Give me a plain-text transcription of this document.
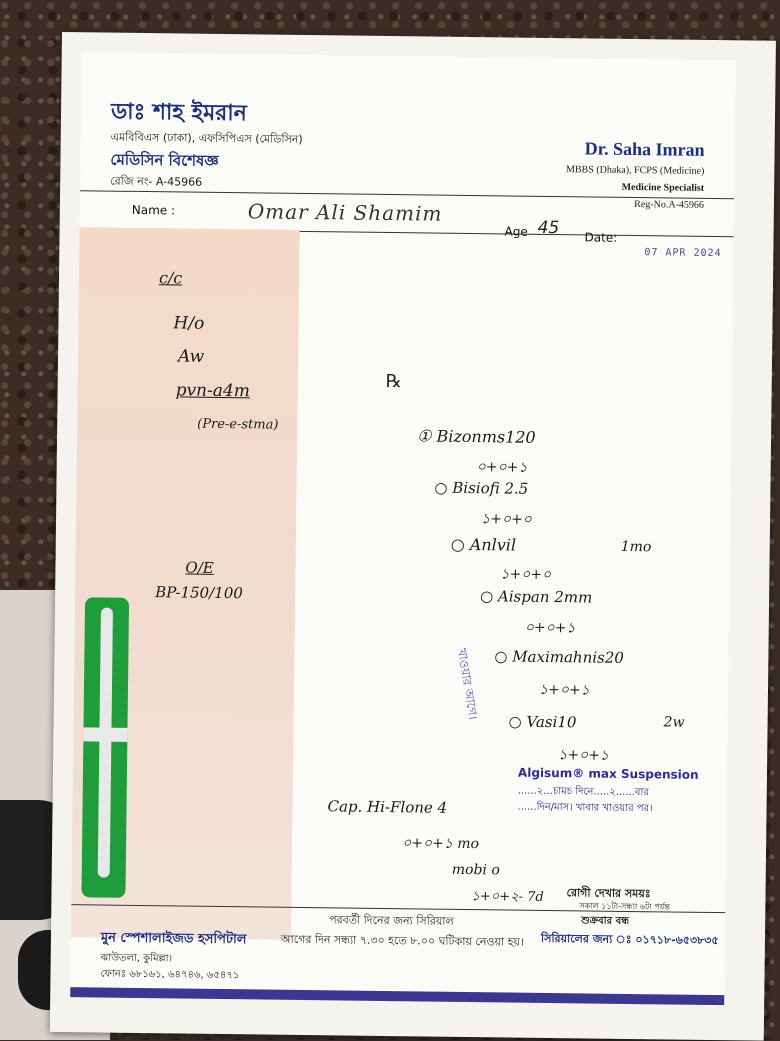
ডাঃ শাহ ইমরান
এমবিবিএস (ঢাকা), এফসিপিএস (মেডিসিন)
মেডিসিন বিশেষজ্ঞ
রেজি নং- A-45966
Dr. Saha Imran
MBBS (Dhaka), FCPS (Medicine)
Medicine Specialist
Reg-No.A-45966
Name :	Omar Ali Shamim
Age 45 Date:
07 APR 2024
c/c
H/o
Aw
pvn-a4m
(Pre-e-stma)
O/E
BP-150/100
℞
① Bizonms120
০+০+১
○ Bisiofi 2.5
১+০+০
○ Anlvil
১+০+০
○ Aispan 2mm
০+০+১
1mo
খাওয়ার আগে। ○ Maximahnis20
১+০+১
○ Vasi10
১+০+১
2w
Algisum® max Suspension
......২...চামচ দিনে.....২......বার
......দিন/মাস। খাবার খাওয়ার পর।
Cap. Hi-Flone 4
০+০+১ mo
mobi o
১+০+২- 7d রোগী দেখার সময়ঃ
সকাল ১১টা-সন্ধ্যা ৬টা পর্যন্ত
শুক্রবার বন্ধ
সিরিয়ালের জন্য ঃ ০১৭১৮-৬৫৩৮৩৫
পরবর্তী দিনের জন্য সিরিয়াল
আগের দিন সন্ধ্যা ৭.৩০ হতে ৮.০০ ঘটিকায় নেওয়া হয়।
মুন স্পেশালাইজড হসপিটাল
ঝাউতলা, কুমিল্লা।
ফোনঃ ৬৮১৬১, ৬৪৭৪৬, ৬৫৪৭১
